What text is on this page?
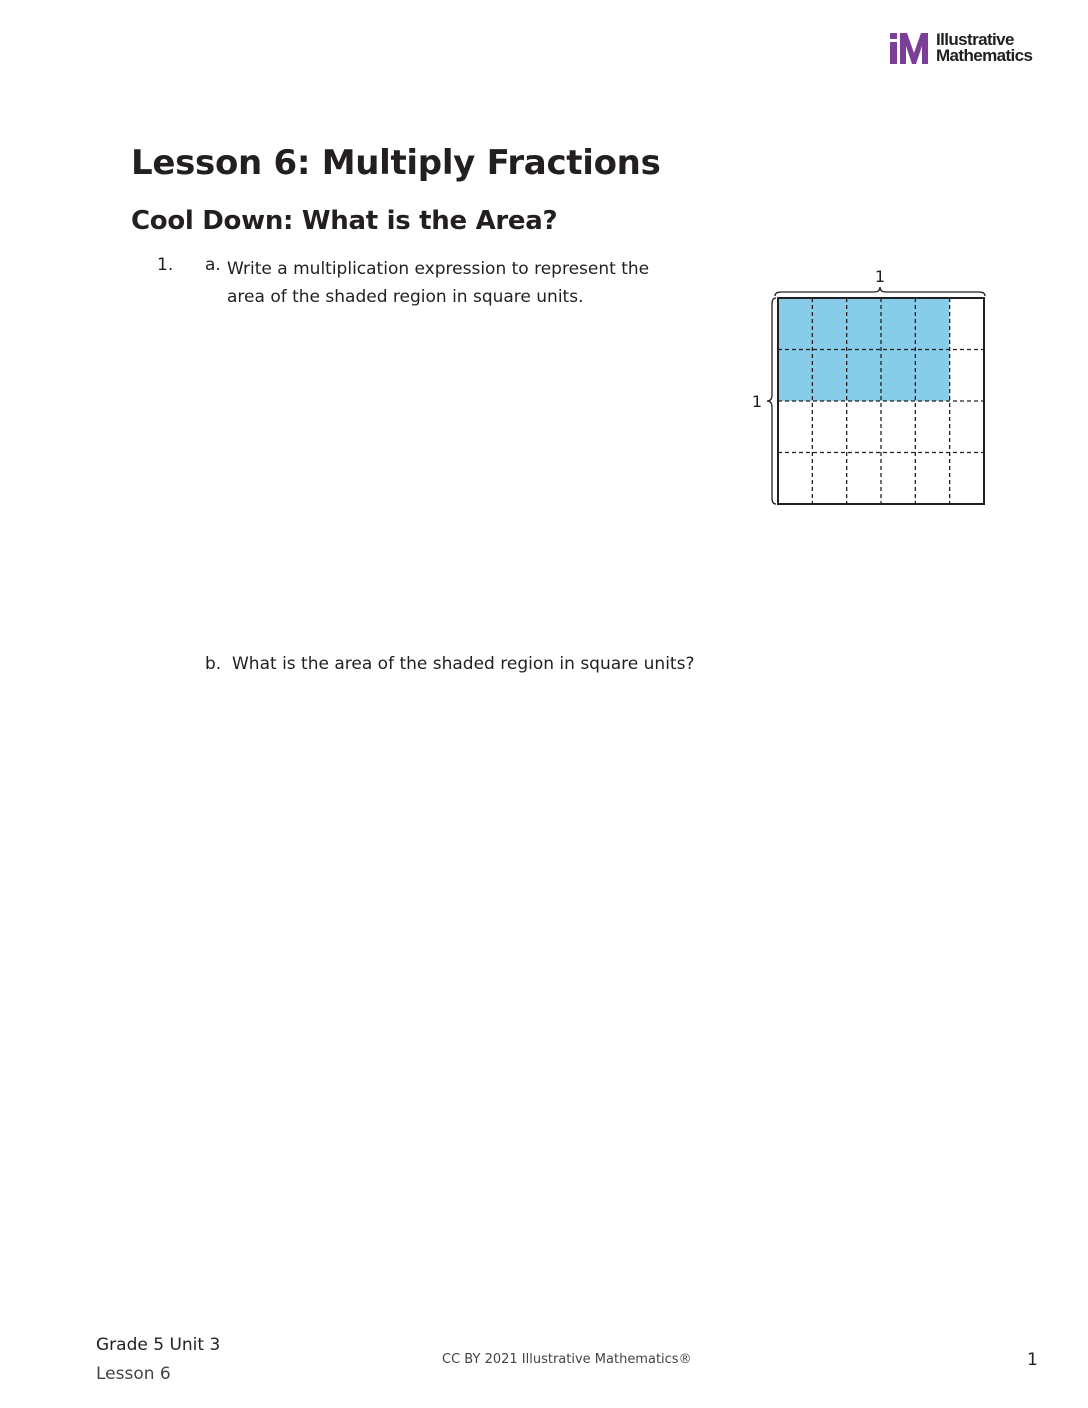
Illustrative
Mathematics
Lesson 6: Multiply Fractions
Cool Down: What is the Area?
1. a. Write a multiplication expression to represent the area of the shaded region in square units.
1
1
b. What is the area of the shaded region in square units?
Grade 5 Unit 3
Lesson 6
CC BY 2021 Illustrative Mathematics®	1
